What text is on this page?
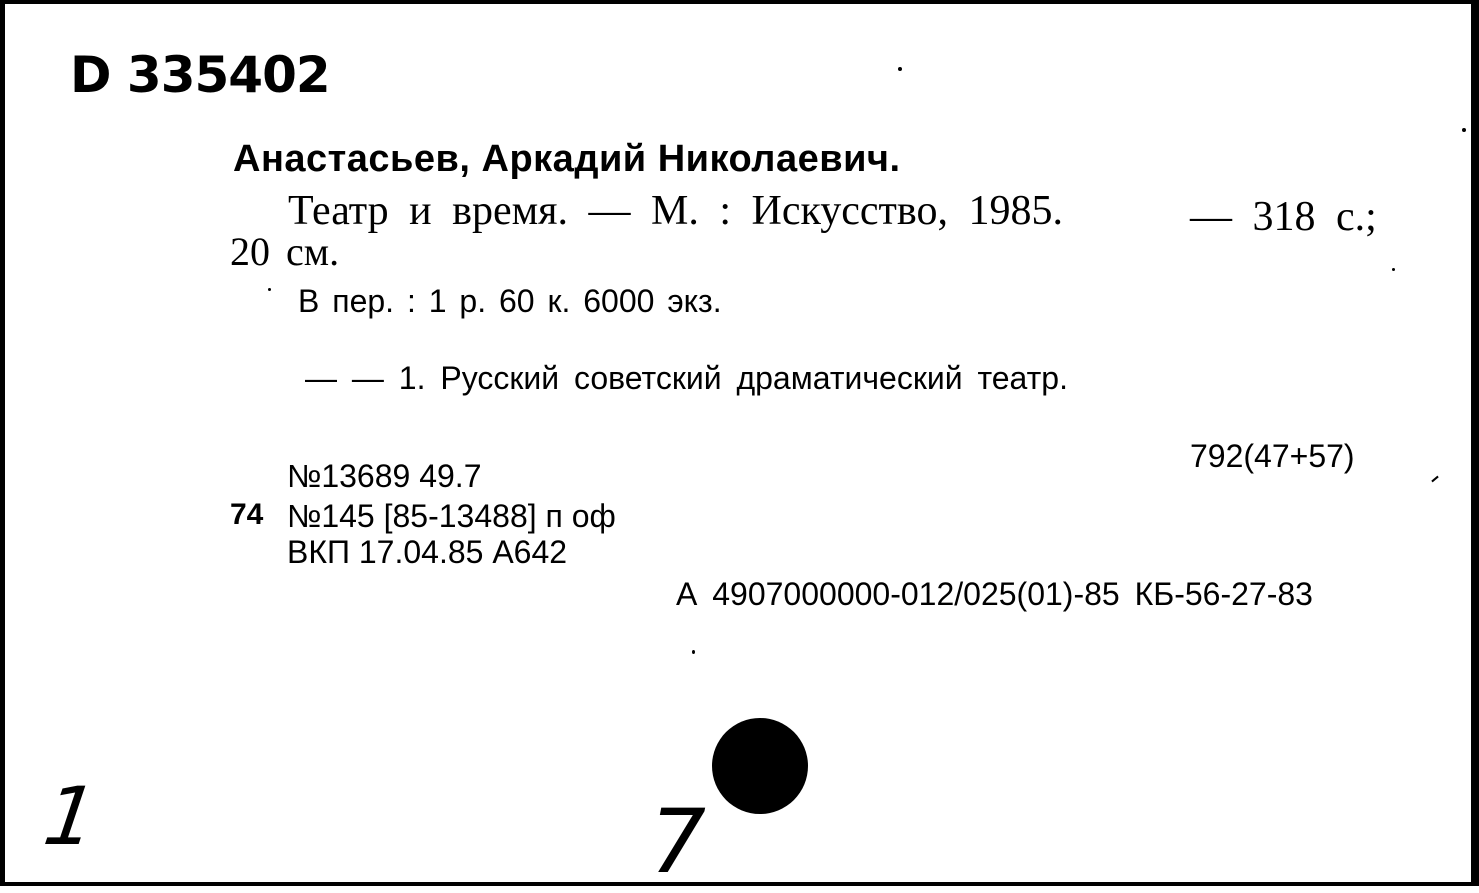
D 335402
Анастасьев, Аркадий Николаевич.
Театр и время. — М. : Искусство, 1985.	— 318 с.;
20 см.
В пер. : 1 р. 60 к. 6000 экз.
— — 1. Русский советский драматический театр.
792(47+57)
№13689 49.7
74 №145 [85-13488] п оф
ВКП 17.04.85 А642
А 4907000000-012/025(01)-85 КБ-56-27-83
1	7
